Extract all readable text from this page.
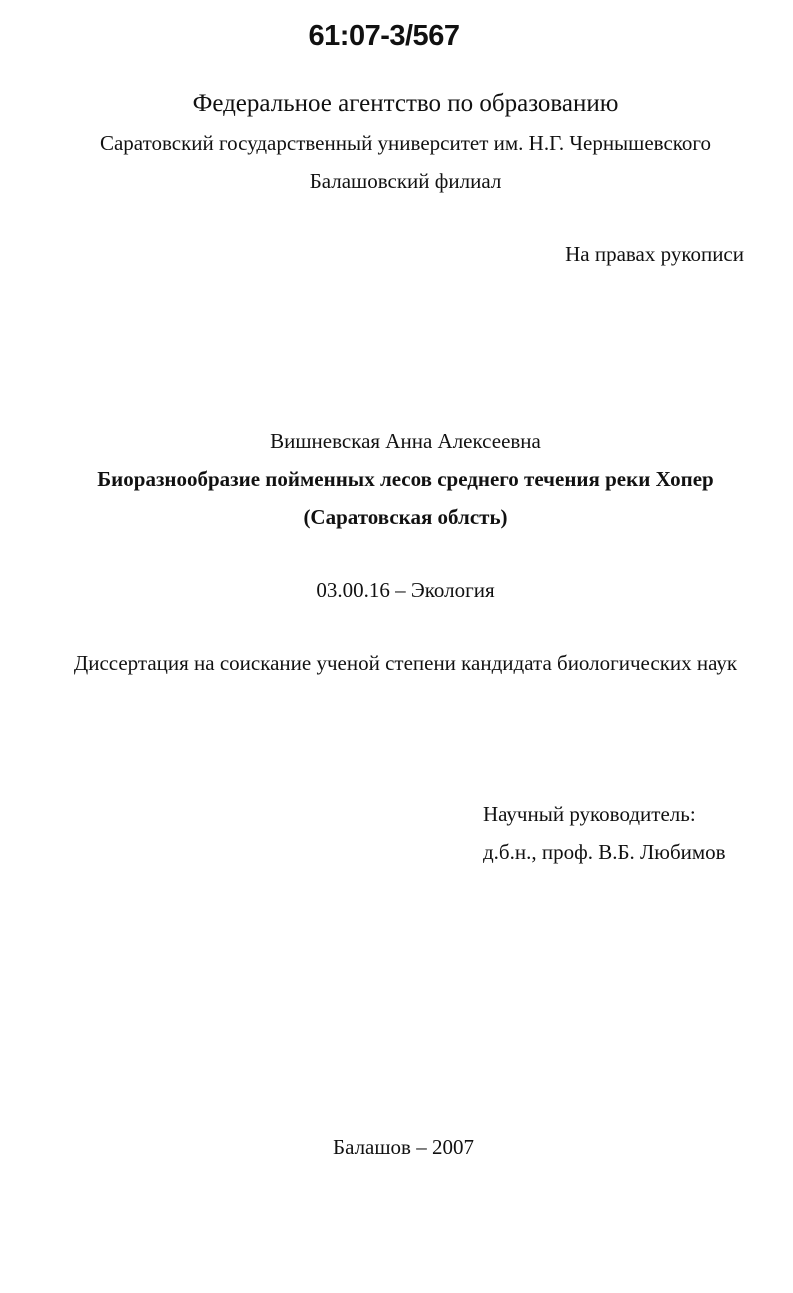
61:07-3/567
Федеральное агентство по образованию
Саратовский государственный университет им. Н.Г. Чернышевского
Балашовский филиал
На правах рукописи
Вишневская Анна Алексеевна
Биоразнообразие пойменных лесов среднего течения реки Хопер
(Саратовская облсть)
03.00.16 – Экология
Диссертация на соискание ученой степени кандидата биологических наук
Научный руководитель:
д.б.н., проф. В.Б. Любимов
Балашов – 2007
